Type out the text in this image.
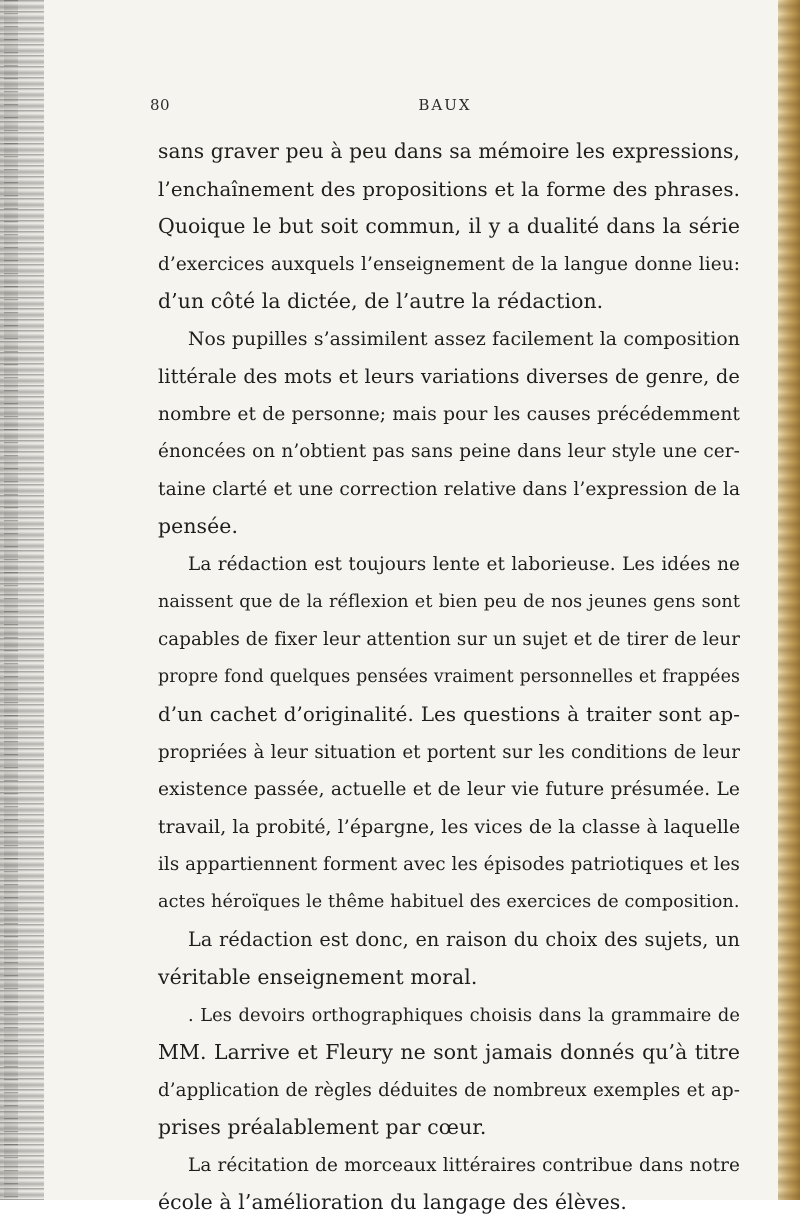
80	BAUX
sans graver peu à peu dans sa mémoire les expressions,
l’enchaînement des propositions et la forme des phrases.
Quoique le but soit commun, il y a dualité dans la série
d’exercices auxquels l’enseignement de la langue donne lieu:
d’un côté la dictée, de l’autre la rédaction.
Nos pupilles s’assimilent assez facilement la composition
littérale des mots et leurs variations diverses de genre, de
nombre et de personne; mais pour les causes précédemment
énoncées on n’obtient pas sans peine dans leur style une cer-
taine clarté et une correction relative dans l’expression de la
pensée.
La rédaction est toujours lente et laborieuse. Les idées ne
naissent que de la réflexion et bien peu de nos jeunes gens sont
capables de fixer leur attention sur un sujet et de tirer de leur
propre fond quelques pensées vraiment personnelles et frappées
d’un cachet d’originalité. Les questions à traiter sont ap-
propriées à leur situation et portent sur les conditions de leur
existence passée, actuelle et de leur vie future présumée. Le
travail, la probité, l’épargne, les vices de la classe à laquelle
ils appartiennent forment avec les épisodes patriotiques et les
actes héroïques le thême habituel des exercices de composition.
La rédaction est donc, en raison du choix des sujets, un
véritable enseignement moral.
. Les devoirs orthographiques choisis dans la grammaire de
MM. Larrive et Fleury ne sont jamais donnés qu’à titre
d’application de règles déduites de nombreux exemples et ap-
prises préalablement par cœur.
La récitation de morceaux littéraires contribue dans notre
école à l’amélioration du langage des élèves.
